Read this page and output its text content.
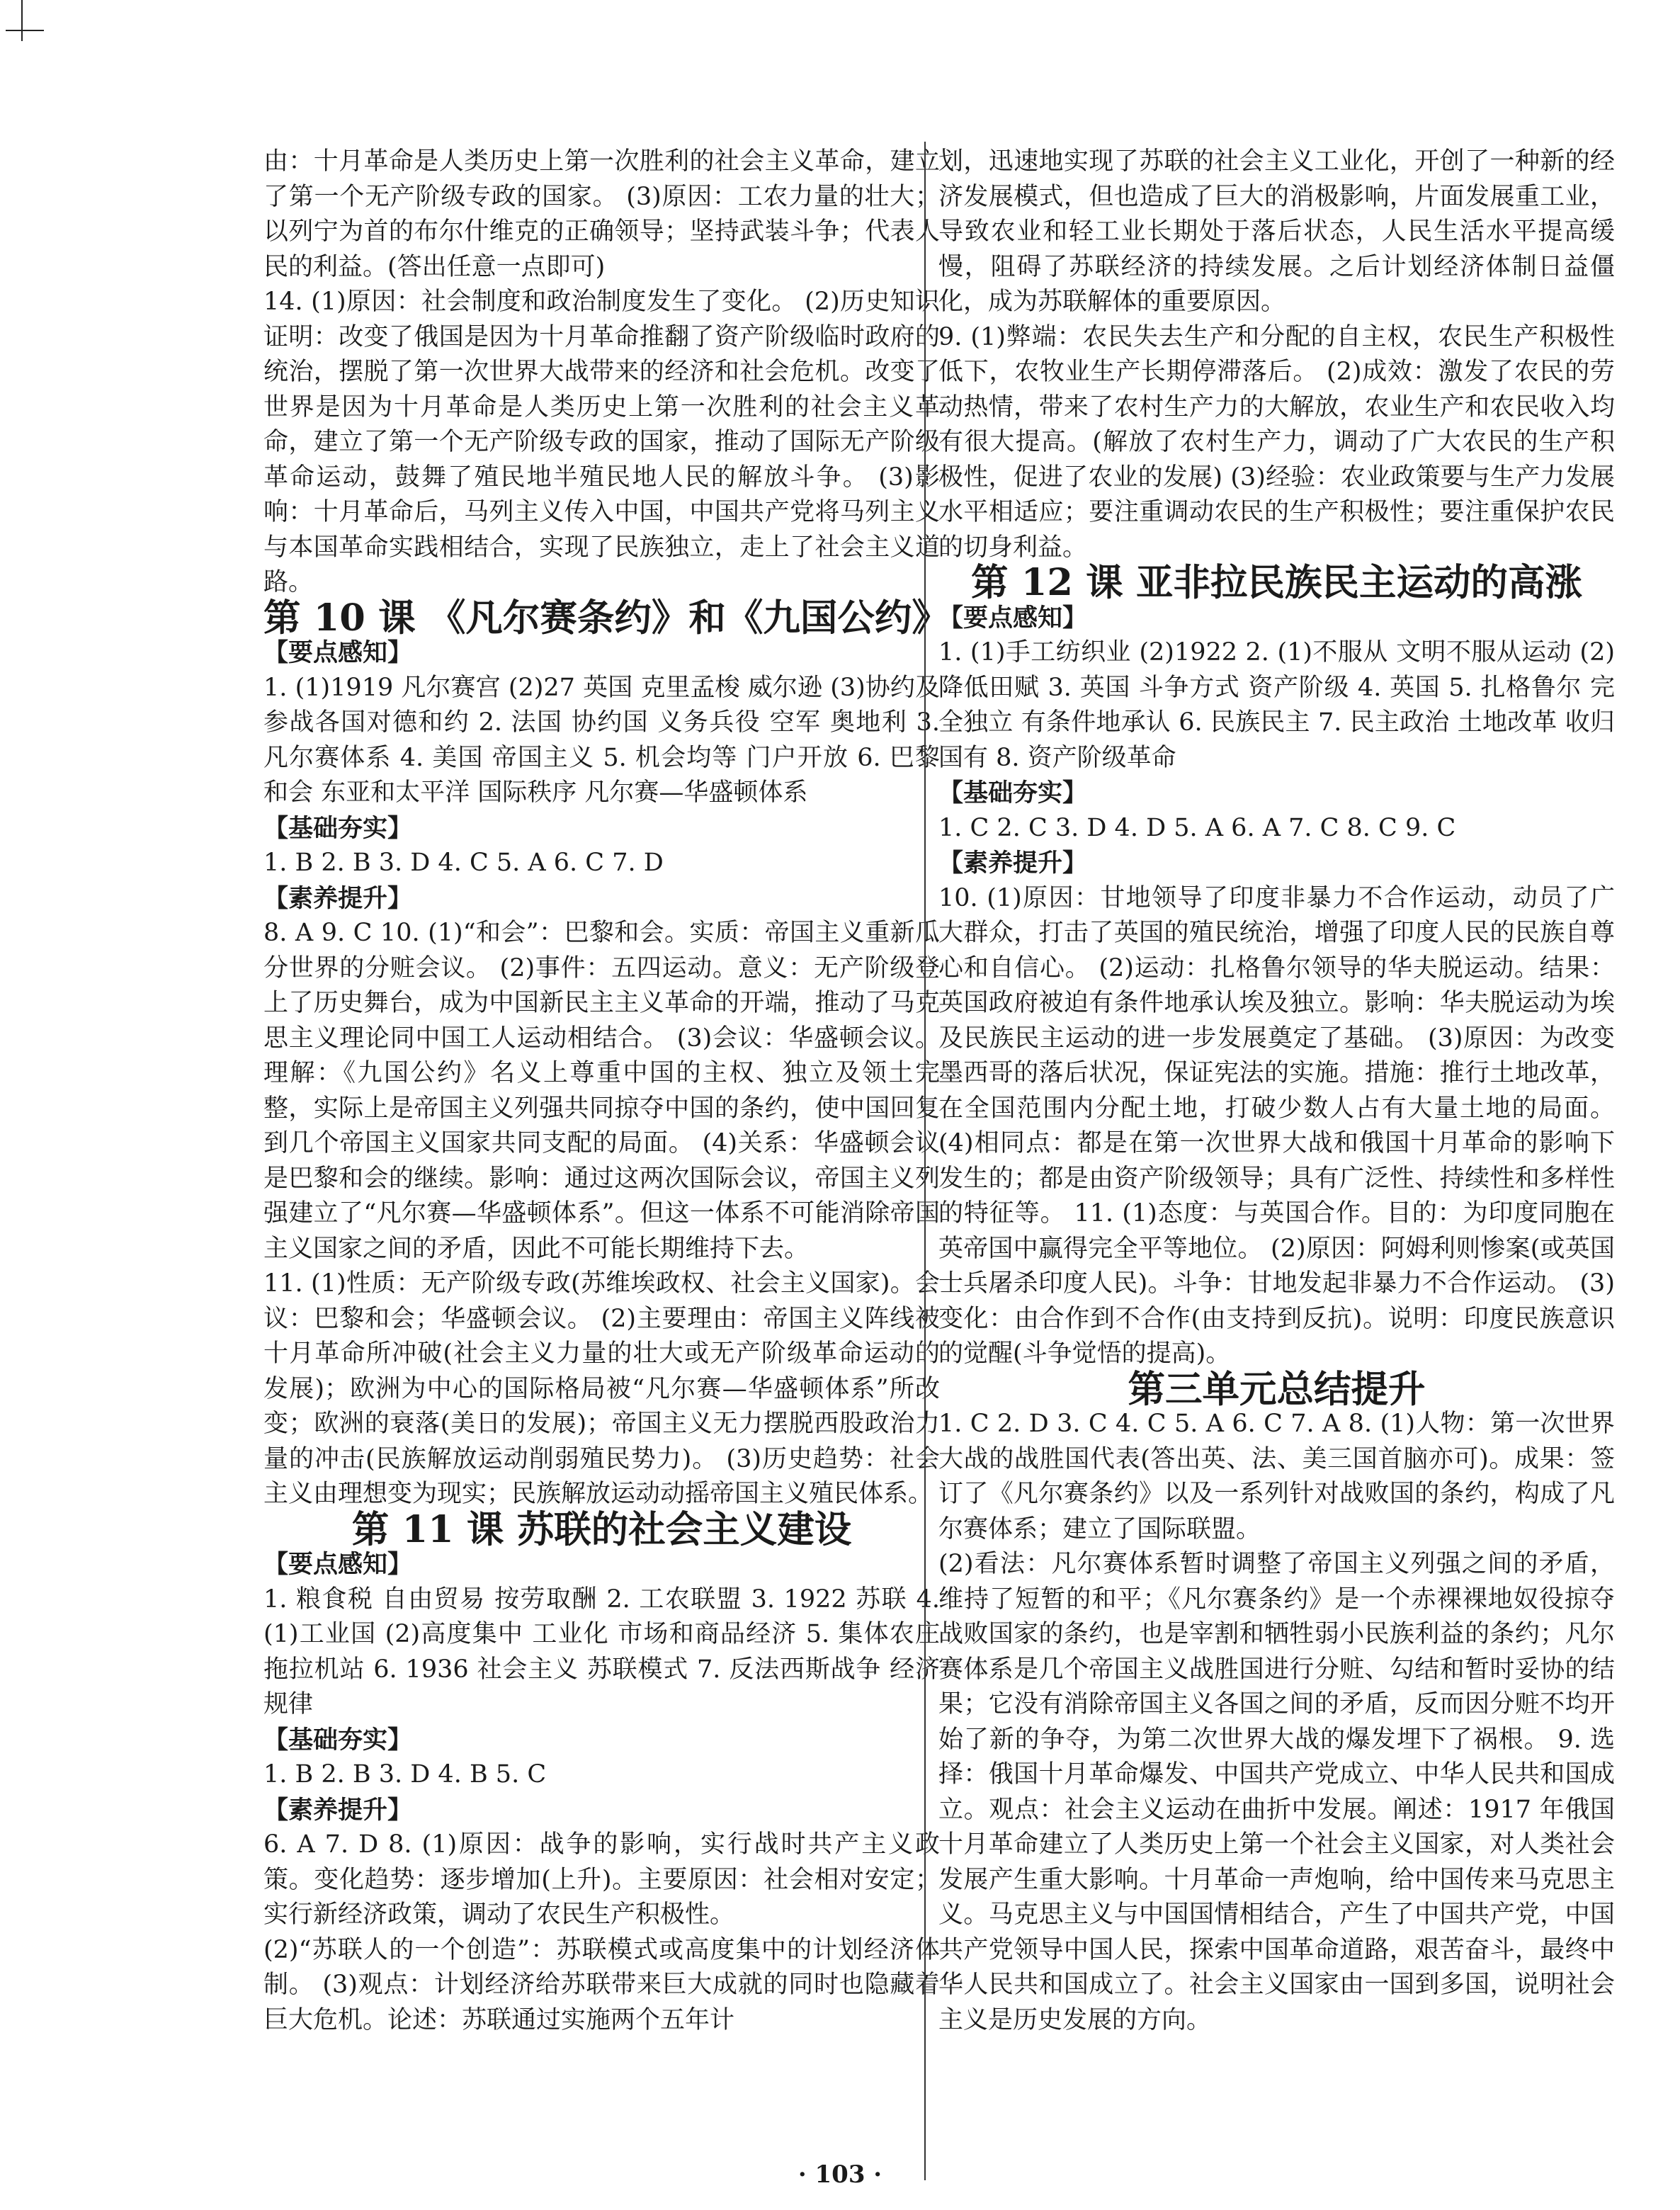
由：十月革命是人类历史上第一次胜利的社会主义革命，建立了第一个无产阶级专政的国家。 (3)原因：工农力量的壮大；以列宁为首的布尔什维克的正确领导；坚持武装斗争；代表人民的利益。(答出任意一点即可)

14. (1)原因：社会制度和政治制度发生了变化。 (2)历史知识证明：改变了俄国是因为十月革命推翻了资产阶级临时政府的统治，摆脱了第一次世界大战带来的经济和社会危机。改变了世界是因为十月革命是人类历史上第一次胜利的社会主义革命，建立了第一个无产阶级专政的国家，推动了国际无产阶级革命运动，鼓舞了殖民地半殖民地人民的解放斗争。 (3)影响：十月革命后，马列主义传入中国，中国共产党将马列主义与本国革命实践相结合，实现了民族独立，走上了社会主义道路。

第 10 课 《凡尔赛条约》和《九国公约》

【要点感知】

1. (1)1919 凡尔赛宫 (2)27 英国 克里孟梭 威尔逊 (3)协约及参战各国对德和约 2. 法国 协约国 义务兵役 空军 奥地利 3. 凡尔赛体系 4. 美国 帝国主义 5. 机会均等 门户开放 6. 巴黎和会 东亚和太平洋 国际秩序 凡尔赛—华盛顿体系

【基础夯实】

1. B 2. B 3. D 4. C 5. A 6. C 7. D

【素养提升】

8. A 9. C 10. (1)“和会”：巴黎和会。实质：帝国主义重新瓜分世界的分赃会议。 (2)事件：五四运动。意义：无产阶级登上了历史舞台，成为中国新民主主义革命的开端，推动了马克思主义理论同中国工人运动相结合。 (3)会议：华盛顿会议。理解：《九国公约》名义上尊重中国的主权、独立及领土完整，实际上是帝国主义列强共同掠夺中国的条约，使中国回复到几个帝国主义国家共同支配的局面。 (4)关系：华盛顿会议是巴黎和会的继续。影响：通过这两次国际会议，帝国主义列强建立了“凡尔赛—华盛顿体系”。但这一体系不可能消除帝国主义国家之间的矛盾，因此不可能长期维持下去。

11. (1)性质：无产阶级专政(苏维埃政权、社会主义国家)。会议：巴黎和会；华盛顿会议。 (2)主要理由：帝国主义阵线被十月革命所冲破(社会主义力量的壮大或无产阶级革命运动的发展)；欧洲为中心的国际格局被“凡尔赛—华盛顿体系”所改变；欧洲的衰落(美日的发展)；帝国主义无力摆脱西股政治力量的冲击(民族解放运动削弱殖民势力)。 (3)历史趋势：社会主义由理想变为现实；民族解放运动动摇帝国主义殖民体系。

第 11 课 苏联的社会主义建设

【要点感知】

1. 粮食税 自由贸易 按劳取酬 2. 工农联盟 3. 1922 苏联 4. (1)工业国 (2)高度集中 工业化 市场和商品经济 5. 集体农庄 拖拉机站 6. 1936 社会主义 苏联模式 7. 反法西斯战争 经济规律

【基础夯实】

1. B 2. B 3. D 4. B 5. C

【素养提升】

6. A 7. D 8. (1)原因：战争的影响，实行战时共产主义政策。变化趋势：逐步增加(上升)。主要原因：社会相对安定；实行新经济政策，调动了农民生产积极性。

(2)“苏联人的一个创造”：苏联模式或高度集中的计划经济体制。 (3)观点：计划经济给苏联带来巨大成就的同时也隐藏着巨大危机。论述：苏联通过实施两个五年计

划，迅速地实现了苏联的社会主义工业化，开创了一种新的经济发展模式，但也造成了巨大的消极影响，片面发展重工业，导致农业和轻工业长期处于落后状态，人民生活水平提高缓慢，阻碍了苏联经济的持续发展。之后计划经济体制日益僵化，成为苏联解体的重要原因。

9. (1)弊端：农民失去生产和分配的自主权，农民生产积极性低下，农牧业生产长期停滞落后。 (2)成效：激发了农民的劳动热情，带来了农村生产力的大解放，农业生产和农民收入均有很大提高。(解放了农村生产力，调动了广大农民的生产积极性，促进了农业的发展) (3)经验：农业政策要与生产力发展水平相适应；要注重调动农民的生产积极性；要注重保护农民的切身利益。

第 12 课 亚非拉民族民主运动的高涨

【要点感知】

1. (1)手工纺织业 (2)1922 2. (1)不服从 文明不服从运动 (2)降低田赋 3. 英国 斗争方式 资产阶级 4. 英国 5. 扎格鲁尔 完全独立 有条件地承认 6. 民族民主 7. 民主政治 土地改革 收归国有 8. 资产阶级革命

【基础夯实】

1. C 2. C 3. D 4. D 5. A 6. A 7. C 8. C 9. C

【素养提升】

10. (1)原因：甘地领导了印度非暴力不合作运动，动员了广大群众，打击了英国的殖民统治，增强了印度人民的民族自尊心和自信心。 (2)运动：扎格鲁尔领导的华夫脱运动。结果：英国政府被迫有条件地承认埃及独立。影响：华夫脱运动为埃及民族民主运动的进一步发展奠定了基础。 (3)原因：为改变墨西哥的落后状况，保证宪法的实施。措施：推行土地改革，在全国范围内分配土地，打破少数人占有大量土地的局面。 (4)相同点：都是在第一次世界大战和俄国十月革命的影响下发生的；都是由资产阶级领导；具有广泛性、持续性和多样性的特征等。 11. (1)态度：与英国合作。目的：为印度同胞在英帝国中赢得完全平等地位。 (2)原因：阿姆利则惨案(或英国士兵屠杀印度人民)。斗争：甘地发起非暴力不合作运动。 (3)变化：由合作到不合作(由支持到反抗)。说明：印度民族意识的觉醒(斗争觉悟的提高)。

第三单元总结提升

1. C 2. D 3. C 4. C 5. A 6. C 7. A 8. (1)人物：第一次世界大战的战胜国代表(答出英、法、美三国首脑亦可)。成果：签订了《凡尔赛条约》以及一系列针对战败国的条约，构成了凡尔赛体系；建立了国际联盟。

(2)看法：凡尔赛体系暂时调整了帝国主义列强之间的矛盾，维持了短暂的和平；《凡尔赛条约》是一个赤裸裸地奴役掠夺战败国家的条约，也是宰割和牺牲弱小民族利益的条约；凡尔赛体系是几个帝国主义战胜国进行分赃、勾结和暂时妥协的结果；它没有消除帝国主义各国之间的矛盾，反而因分赃不均开始了新的争夺，为第二次世界大战的爆发埋下了祸根。 9. 选择：俄国十月革命爆发、中国共产党成立、中华人民共和国成立。观点：社会主义运动在曲折中发展。阐述：1917 年俄国十月革命建立了人类历史上第一个社会主义国家，对人类社会发展产生重大影响。十月革命一声炮响，给中国传来马克思主义。马克思主义与中国国情相结合，产生了中国共产党，中国共产党领导中国人民，探索中国革命道路，艰苦奋斗，最终中华人民共和国成立了。社会主义国家由一国到多国，说明社会主义是历史发展的方向。

· 103 ·
